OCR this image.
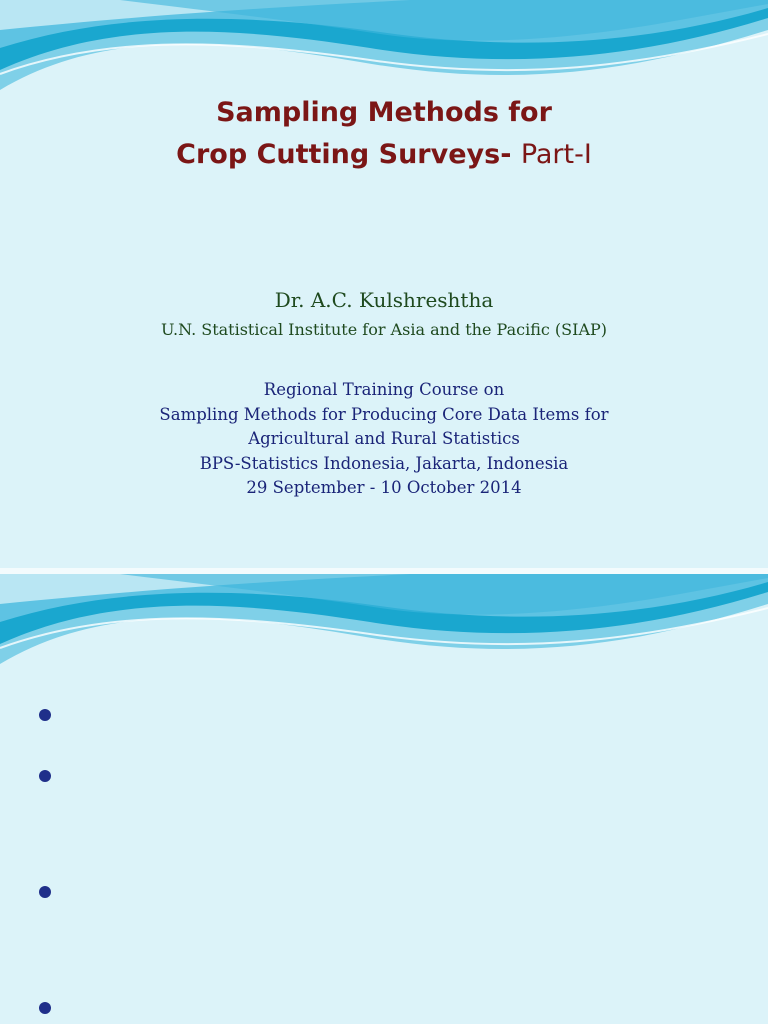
Sampling Methods for
Crop Cutting Surveys- Part-I
Dr. A.C. Kulshreshtha
U.N. Statistical Institute for Asia and the Pacific (SIAP)
Regional Training Course on
Sampling Methods for Producing Core Data Items for
Agricultural and Rural Statistics
BPS-Statistics Indonesia, Jakarta, Indonesia
29 September - 10 October 2014
